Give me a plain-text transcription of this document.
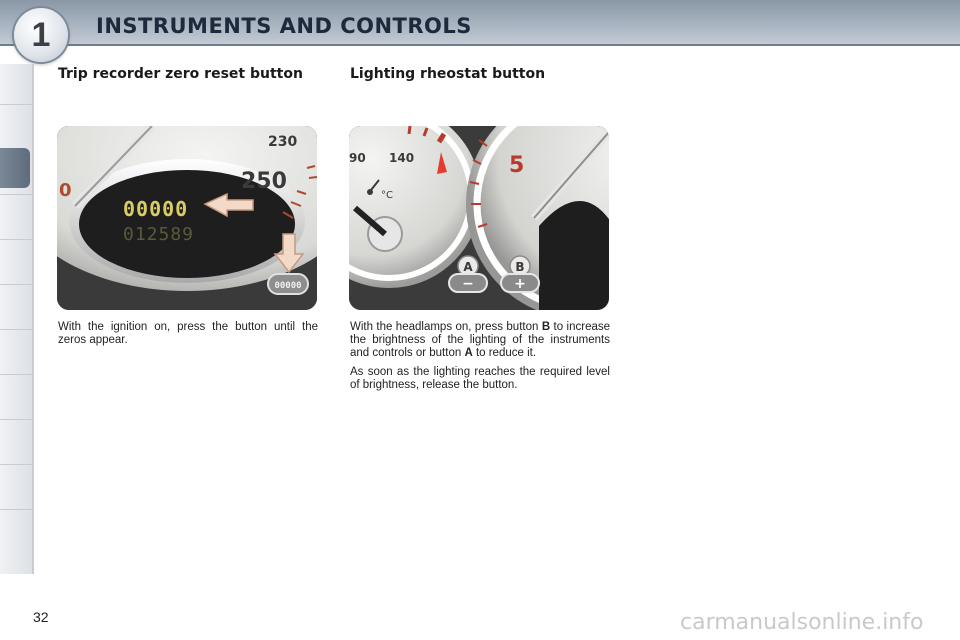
1 INSTRUMENTS AND CONTROLS
Trip recorder zero reset button
230
250
0
00000
012589
00000

With the ignition on, press the button until the zeros appear.

Lighting rheostat button
90 140
°C
5
A	B
−	+

With the headlamps on, press button B to increase the brightness of the lighting of the instruments and controls or button A to reduce it.

As soon as the lighting reaches the required level of brightness, release the button.

32	carmanualsonline.info
